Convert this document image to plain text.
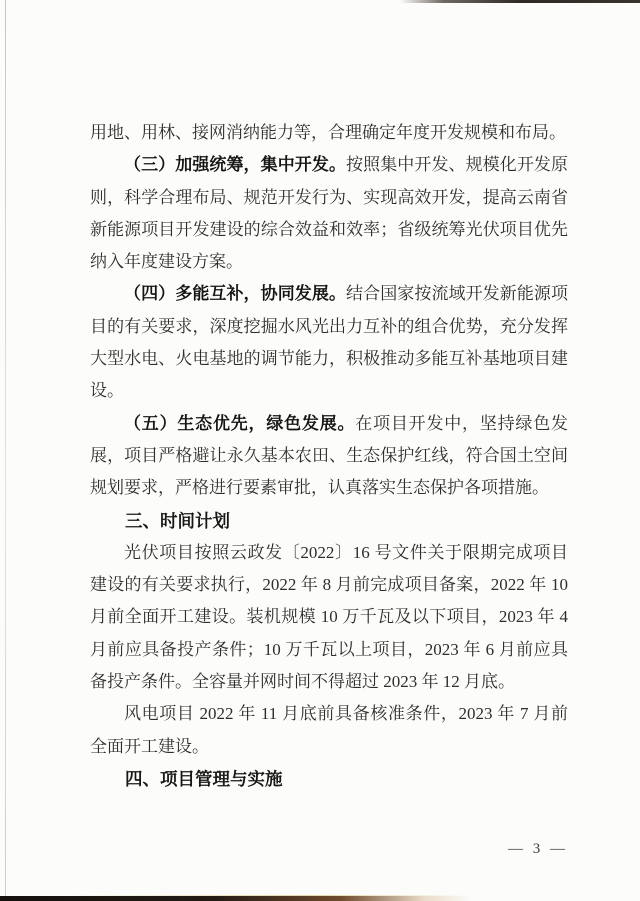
用地、用林、接网消纳能力等，合理确定年度开发规模和布局。

（三）加强统筹，集中开发。按照集中开发、规模化开发原则，科学合理布局、规范开发行为、实现高效开发，提高云南省新能源项目开发建设的综合效益和效率；省级统筹光伏项目优先纳入年度建设方案。

（四）多能互补，协同发展。结合国家按流域开发新能源项目的有关要求，深度挖掘水风光出力互补的组合优势，充分发挥大型水电、火电基地的调节能力，积极推动多能互补基地项目建设。

（五）生态优先，绿色发展。在项目开发中，坚持绿色发展，项目严格避让永久基本农田、生态保护红线，符合国土空间规划要求，严格进行要素审批，认真落实生态保护各项措施。

三、时间计划

光伏项目按照云政发〔2022〕16 号文件关于限期完成项目建设的有关要求执行，2022 年 8 月前完成项目备案，2022 年 10 月前全面开工建设。装机规模 10 万千瓦及以下项目，2023 年 4 月前应具备投产条件；10 万千瓦以上项目，2023 年 6 月前应具备投产条件。全容量并网时间不得超过 2023 年 12 月底。

风电项目 2022 年 11 月底前具备核准条件，2023 年 7 月前全面开工建设。

四、项目管理与实施
— 3 —
